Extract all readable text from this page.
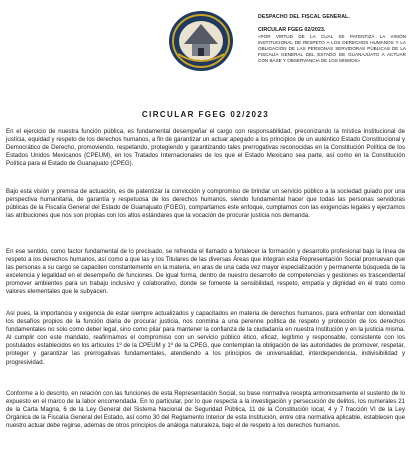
DESPACHO DEL FISCAL GENERAL.

CIRCULAR FGEG 02/2023.

«POR VIRTUD DE LA CUAL SE PATENTIZA LA VISIÓN INSTITUCIONAL DE RESPETO A LOS DERECHOS HUMANOS Y LA OBLIGACIÓN DE LAS PERSONAS SERVIDORAS PÚBLICAS DE LA FISCALÍA GENERAL DEL ESTADO DE GUANAJUATO A ACTUAR CON BASE Y OBSERVANCIA DE LOS MISMOS»

CIRCULAR FGEG 02/2023

En el ejercicio de nuestra función pública, es fundamental desempeñar el cargo con responsabilidad, preconizando la mística institucional de justicia, equidad y respeto de los derechos humanos, a fin de garantizar un actuar apegado a los principios de un auténtico Estado Constitucional y Democrático de Derecho, promoviendo, respetando, protegiendo y garantizando tales prerrogativas reconocidas en la Constitución Política de los Estados Unidos Mexicanos (CPEUM), en los Tratados Internacionales de los que el Estado Mexicano sea parte, así como en la Constitución Política para el Estado de Guanajuato (CPEG).

Bajo esta visión y premisa de actuación, es de patentizar la convicción y compromiso de brindar un servicio público a la sociedad guiado por una perspectiva humanitaria, de garantía y respetuosa de los derechos humanos, siendo fundamental hacer que todas las personas servidoras públicas de la Fiscalía General del Estado de Guanajuato (FGEG), compartamos este enfoque, cumplamos con las exigencias legales y ejerzamos las atribuciones que nos son propias con los altos estándares que la vocación de procurar justicia nos demanda.

En ese sentido, como factor fundamental de lo precisado, se refrenda el llamado a fortalecer la formación y desarrollo profesional bajo la línea de respeto a los derechos humanos, así como a que las y los Titulares de las diversas Áreas que integran esta Representación Social promuevan que las personas a su cargo se capaciten constantemente en la materia, en aras de una cada vez mayor especialización y permanente búsqueda de la excelencia y legalidad en el desempeño de funciones. De igual forma, dentro de nuestro desarrollo de competencias y gestiones es trascendental promover ambientes para un trabajo inclusivo y colaborativo, donde se fomente la sensibilidad, respeto, empatía y dignidad en el trato como valores elementales que le subyacen.

Así pues, la importancia y exigencia de estar siempre actualizados y capacitados en materia de derechos humanos, para enfrentar con idoneidad los desafíos propios de la función diaria de procurar justicia, nos conmina a una perenne política de respeto y protección de los derechos fundamentales no solo como deber legal, sino como pilar para mantener la confianza de la ciudadanía en nuestra Institución y en la justicia misma. Al cumplir con este mandato, reafirmamos el compromiso con un servicio público ético, eficaz, legítimo y responsable, consistente con los postulados establecidos en los artículos 1º de la CPEUM y 1º de la CPEG, que contemplan la obligación de las autoridades de promover, respetar, proteger y garantizar las prerrogativas fundamentales, atendiendo a los principios de universalidad, interdependencia, indivisibilidad y progresividad.

Conforme a lo descrito, en relación con las funciones de esta Representación Social, su base normativa recepta armoniosamente el sustento de lo expuesto en el marco de la labor encomendada. En lo particular, por lo que respecta a la investigación y persecución de delitos, los numerales 21 de la Carta Magna, 6 de la Ley General del Sistema Nacional de Seguridad Pública, 11 de la Constitución local, 4 y 7 fracción VI de la Ley Orgánica de la Fiscalía General del Estado, así como 30 del Reglamento Interior de esta Institución, entre otra normativa aplicable, establecen que nuestro actuar debe regirse, además de otros principios de análoga naturaleza, bajo el de respeto a los derechos humanos.
